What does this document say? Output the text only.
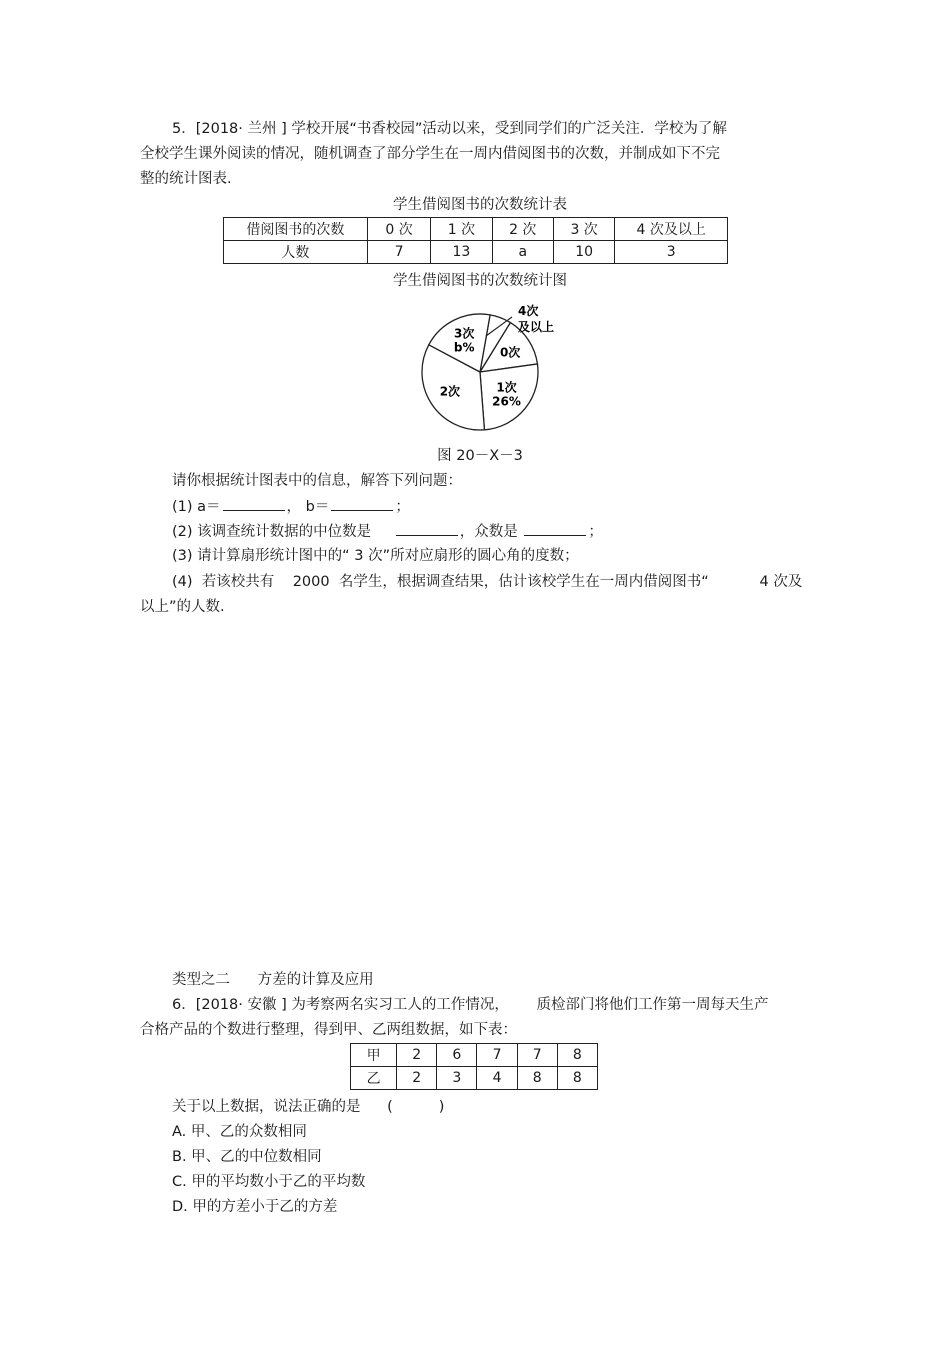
5．[2018· 兰州 ] 学校开展“书香校园”活动以来，受到同学们的广泛关注．学校为了解
全校学生课外阅读的情况，随机调查了部分学生在一周内借阅图书的次数，并制成如下不完
整的统计图表.
学生借阅图书的次数统计表
借阅图书的次数	0 次	1 次	2 次	3 次	4 次及以上
人数	7	13	a	10	3
学生借阅图书的次数统计图
0次
1次
26%
2次
3次
b%
4次
及以上
图 20－X－3
请你根据统计图表中的信息，解答下列问题：
(1) a＝	， b＝	；
(2) 该调查统计数据的中位数是	，众数是	；
(3) 请计算扇形统计图中的“ 3 次”所对应扇形的圆心角的度数；
(4)  若该校共有    2000  名学生，根据调查结果，估计该校学生在一周内借阅图书“           4 次及
以上”的人数.
类型之二      方差的计算及应用
6．[2018· 安徽 ] 为考察两名实习工人的工作情况，      质检部门将他们工作第一周每天生产
合格产品的个数进行整理，得到甲、乙两组数据，如下表：
甲	2	6	7	7	8
乙	2	3	4	8	8
关于以上数据，说法正确的是 (	)
A. 甲、乙的众数相同
B. 甲、乙的中位数相同
C. 甲的平均数小于乙的平均数
D. 甲的方差小于乙的方差
